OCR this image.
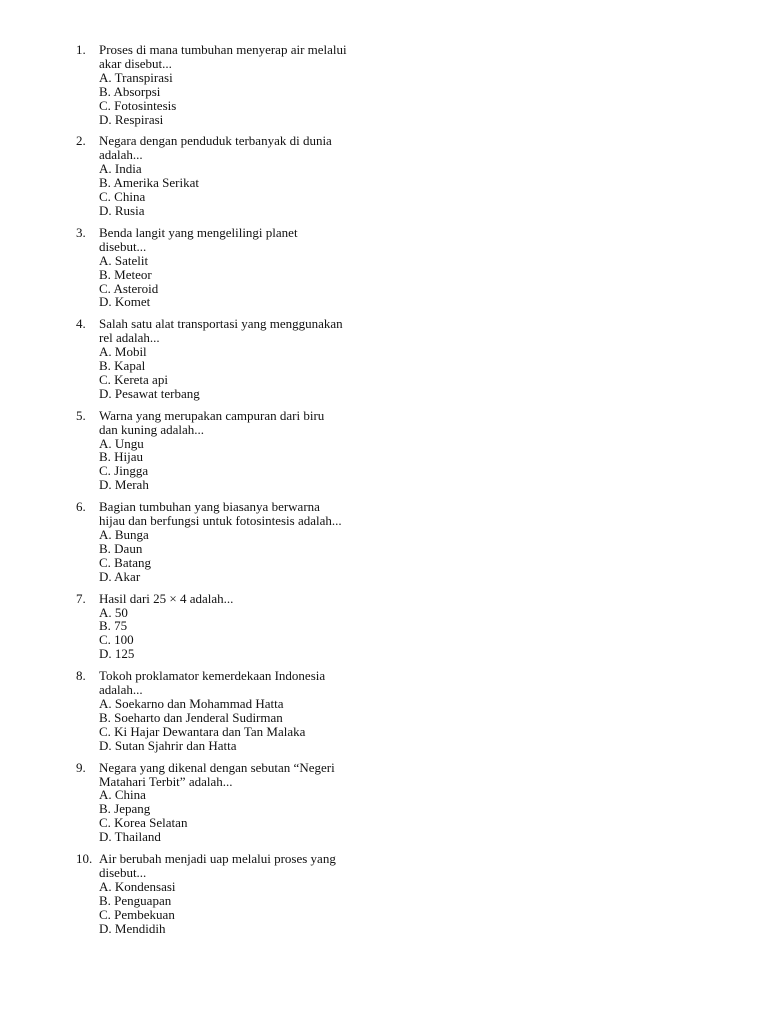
1. Proses di mana tumbuhan menyerap air melalui
akar disebut...
A. Transpirasi
B. Absorpsi
C. Fotosintesis
D. Respirasi
2. Negara dengan penduduk terbanyak di dunia
adalah...
A. India
B. Amerika Serikat
C. China
D. Rusia
3. Benda langit yang mengelilingi planet
disebut...
A. Satelit
B. Meteor
C. Asteroid
D. Komet
4. Salah satu alat transportasi yang menggunakan
rel adalah...
A. Mobil
B. Kapal
C. Kereta api
D. Pesawat terbang
5. Warna yang merupakan campuran dari biru
dan kuning adalah...
A. Ungu
B. Hijau
C. Jingga
D. Merah
6. Bagian tumbuhan yang biasanya berwarna
hijau dan berfungsi untuk fotosintesis adalah...
A. Bunga
B. Daun
C. Batang
D. Akar
7. Hasil dari 25 × 4 adalah...
A. 50
B. 75
C. 100
D. 125
8. Tokoh proklamator kemerdekaan Indonesia
adalah...
A. Soekarno dan Mohammad Hatta
B. Soeharto dan Jenderal Sudirman
C. Ki Hajar Dewantara dan Tan Malaka
D. Sutan Sjahrir dan Hatta
9. Negara yang dikenal dengan sebutan “Negeri
Matahari Terbit” adalah...
A. China
B. Jepang
C. Korea Selatan
D. Thailand
10. Air berubah menjadi uap melalui proses yang
disebut...
A. Kondensasi
B. Penguapan
C. Pembekuan
D. Mendidih
